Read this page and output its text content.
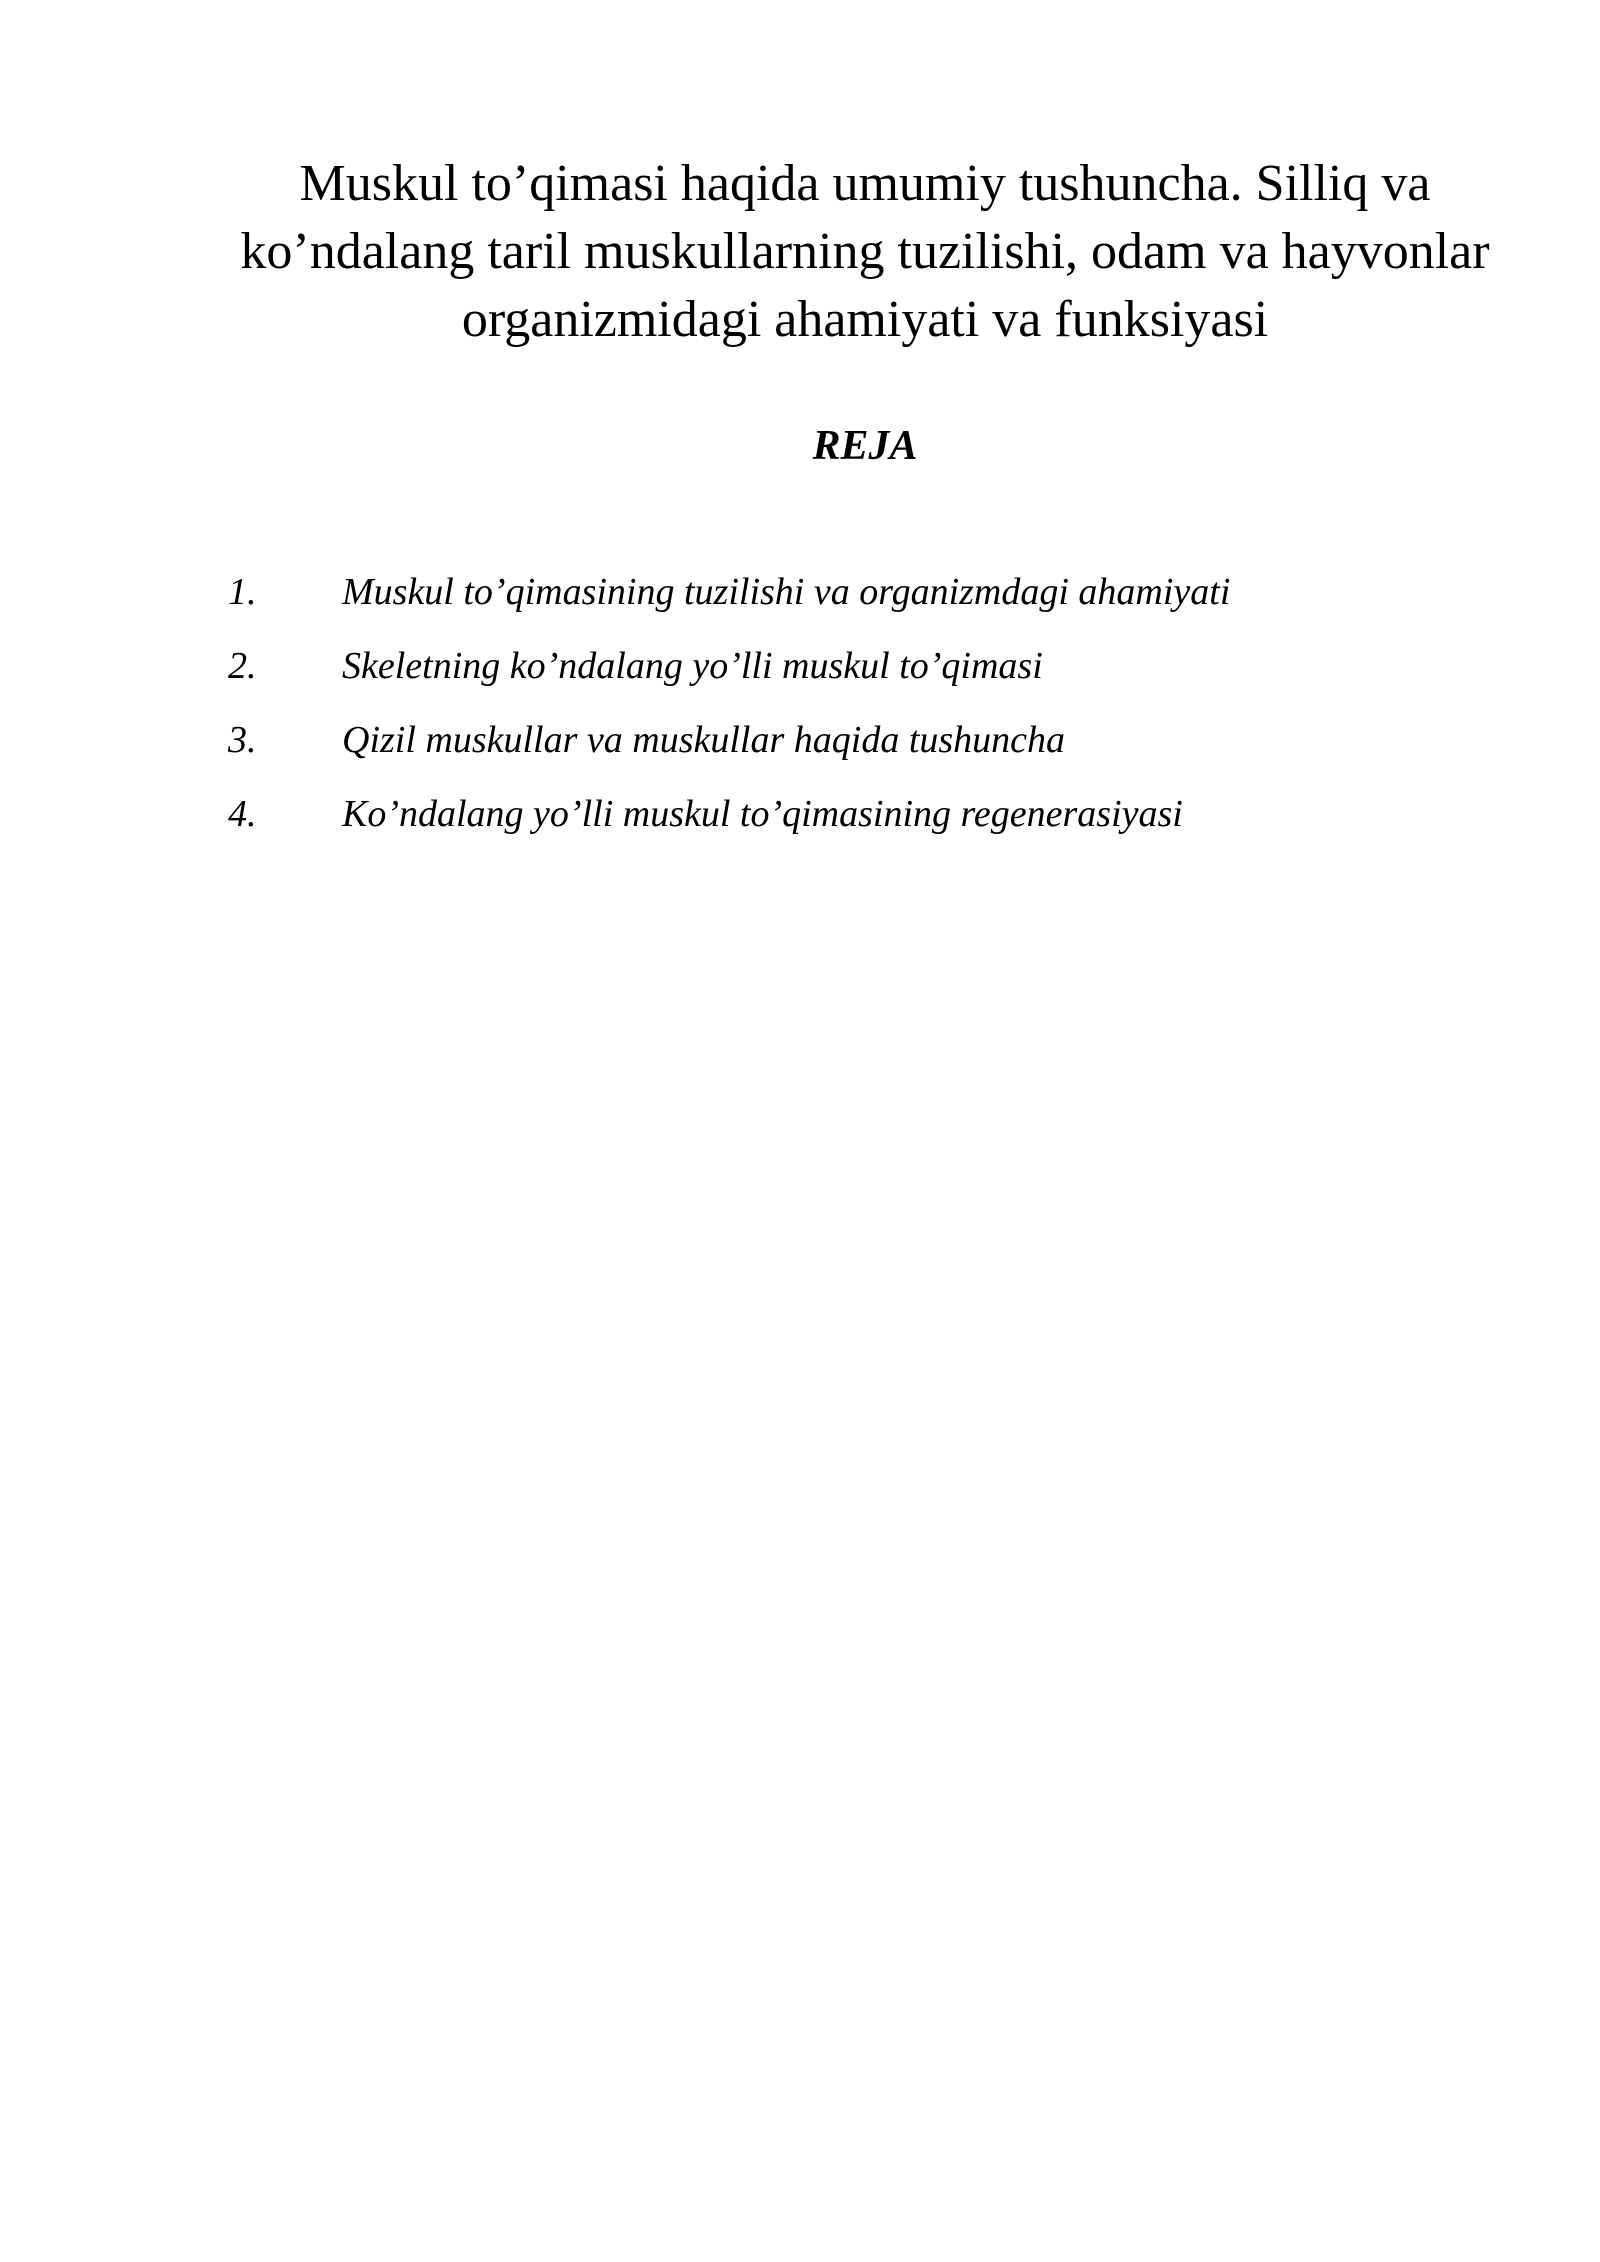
Muskul to’qimasi haqida umumiy tushuncha. Silliq va ko’ndalang taril muskullarning tuzilishi, odam va hayvonlar organizmidagi ahamiyati va funksiyasi
REJA
1.	Muskul to’qimasining tuzilishi va organizmdagi ahamiyati
2.	Skeletning ko’ndalang yo’lli muskul to’qimasi
3.	Qizil muskullar va muskullar haqida tushuncha
4.	Ko’ndalang yo’lli muskul to’qimasining regenerasiyasi
